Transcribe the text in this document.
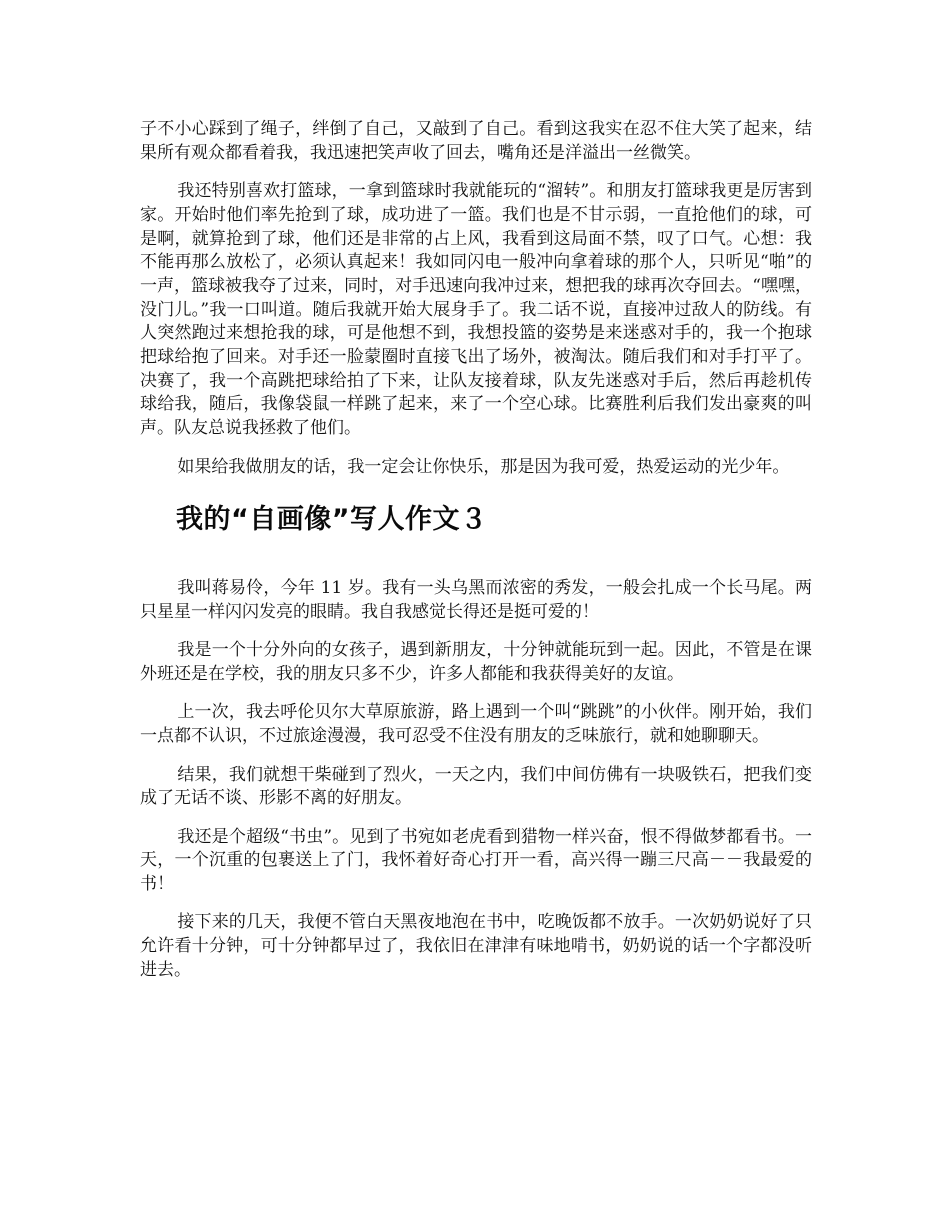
子不小心踩到了绳子，绊倒了自己，又敲到了自己。看到这我实在忍不住大笑了起来，结果所有观众都看着我，我迅速把笑声收了回去，嘴角还是洋溢出一丝微笑。

我还特别喜欢打篮球，一拿到篮球时我就能玩的“溜转”。和朋友打篮球我更是厉害到家。开始时他们率先抢到了球，成功进了一篮。我们也是不甘示弱，一直抢他们的球，可是啊，就算抢到了球，他们还是非常的占上风，我看到这局面不禁，叹了口气。心想：我不能再那么放松了，必须认真起来！我如同闪电一般冲向拿着球的那个人，只听见“啪”的一声，篮球被我夺了过来，同时，对手迅速向我冲过来，想把我的球再次夺回去。“嘿嘿，没门儿。”我一口叫道。随后我就开始大展身手了。我二话不说，直接冲过敌人的防线。有人突然跑过来想抢我的球，可是他想不到，我想投篮的姿势是来迷惑对手的，我一个抱球把球给抱了回来。对手还一脸蒙圈时直接飞出了场外，被淘汰。随后我们和对手打平了。决赛了，我一个高跳把球给拍了下来，让队友接着球，队友先迷惑对手后，然后再趁机传球给我，随后，我像袋鼠一样跳了起来，来了一个空心球。比赛胜利后我们发出豪爽的叫声。队友总说我拯救了他们。

如果给我做朋友的话，我一定会让你快乐，那是因为我可爱，热爱运动的光少年。

我的“自画像”写人作文３

我叫蒋易伶，今年 11 岁。我有一头乌黑而浓密的秀发，一般会扎成一个长马尾。两只星星一样闪闪发亮的眼睛。我自我感觉长得还是挺可爱的！

我是一个十分外向的女孩子，遇到新朋友，十分钟就能玩到一起。因此，不管是在课外班还是在学校，我的朋友只多不少，许多人都能和我获得美好的友谊。

上一次，我去呼伦贝尔大草原旅游，路上遇到一个叫“跳跳”的小伙伴。刚开始，我们一点都不认识，不过旅途漫漫，我可忍受不住没有朋友的乏味旅行，就和她聊聊天。

结果，我们就想干柴碰到了烈火，一天之内，我们中间仿佛有一块吸铁石，把我们变成了无话不谈、形影不离的好朋友。

我还是个超级“书虫”。见到了书宛如老虎看到猎物一样兴奋，恨不得做梦都看书。一天，一个沉重的包裹送上了门，我怀着好奇心打开一看，高兴得一蹦三尺高－－我最爱的书！

接下来的几天，我便不管白天黑夜地泡在书中，吃晚饭都不放手。一次奶奶说好了只允许看十分钟，可十分钟都早过了，我依旧在津津有味地啃书，奶奶说的话一个字都没听进去。
